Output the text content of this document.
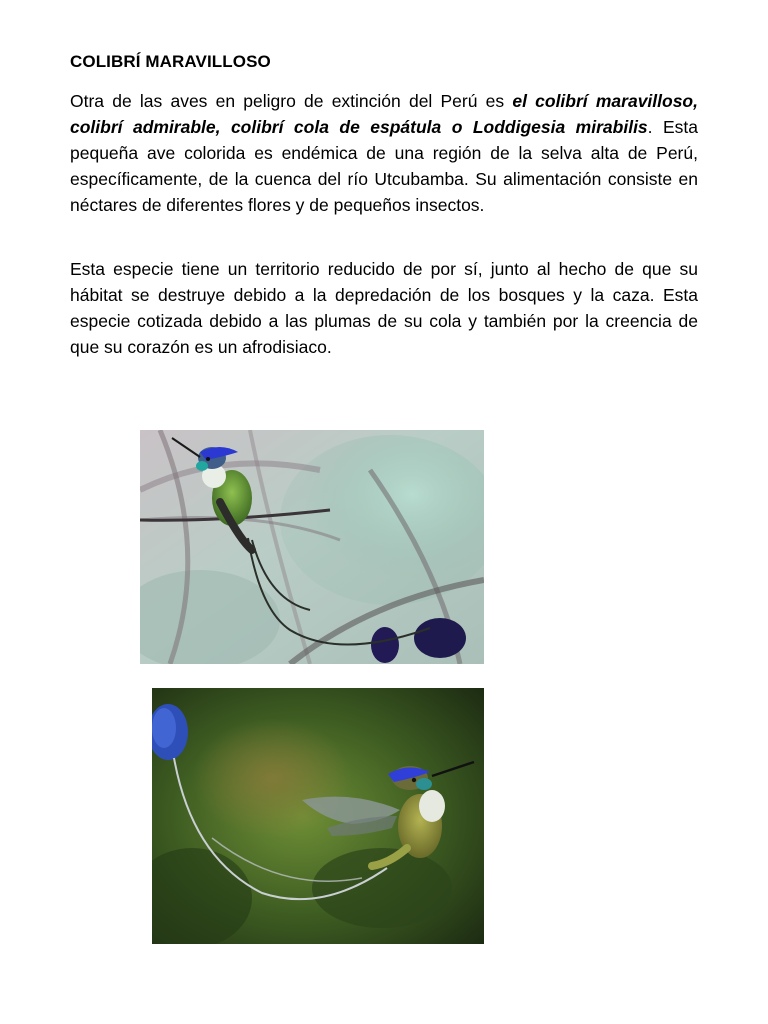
COLIBRÍ MARAVILLOSO

Otra de las aves en peligro de extinción del Perú es el colibrí maravilloso, colibrí admirable, colibrí cola de espátula o Loddigesia mirabilis. Esta pequeña ave colorida es endémica de una región de la selva alta de Perú, específicamente, de la cuenca del río Utcubamba. Su alimentación consiste en néctares de diferentes flores y de pequeños insectos.

Esta especie tiene un territorio reducido de por sí, junto al hecho de que su hábitat se destruye debido a la depredación de los bosques y la caza. Esta especie cotizada debido a las plumas de su cola y también por la creencia de que su corazón es un afrodisiaco.
